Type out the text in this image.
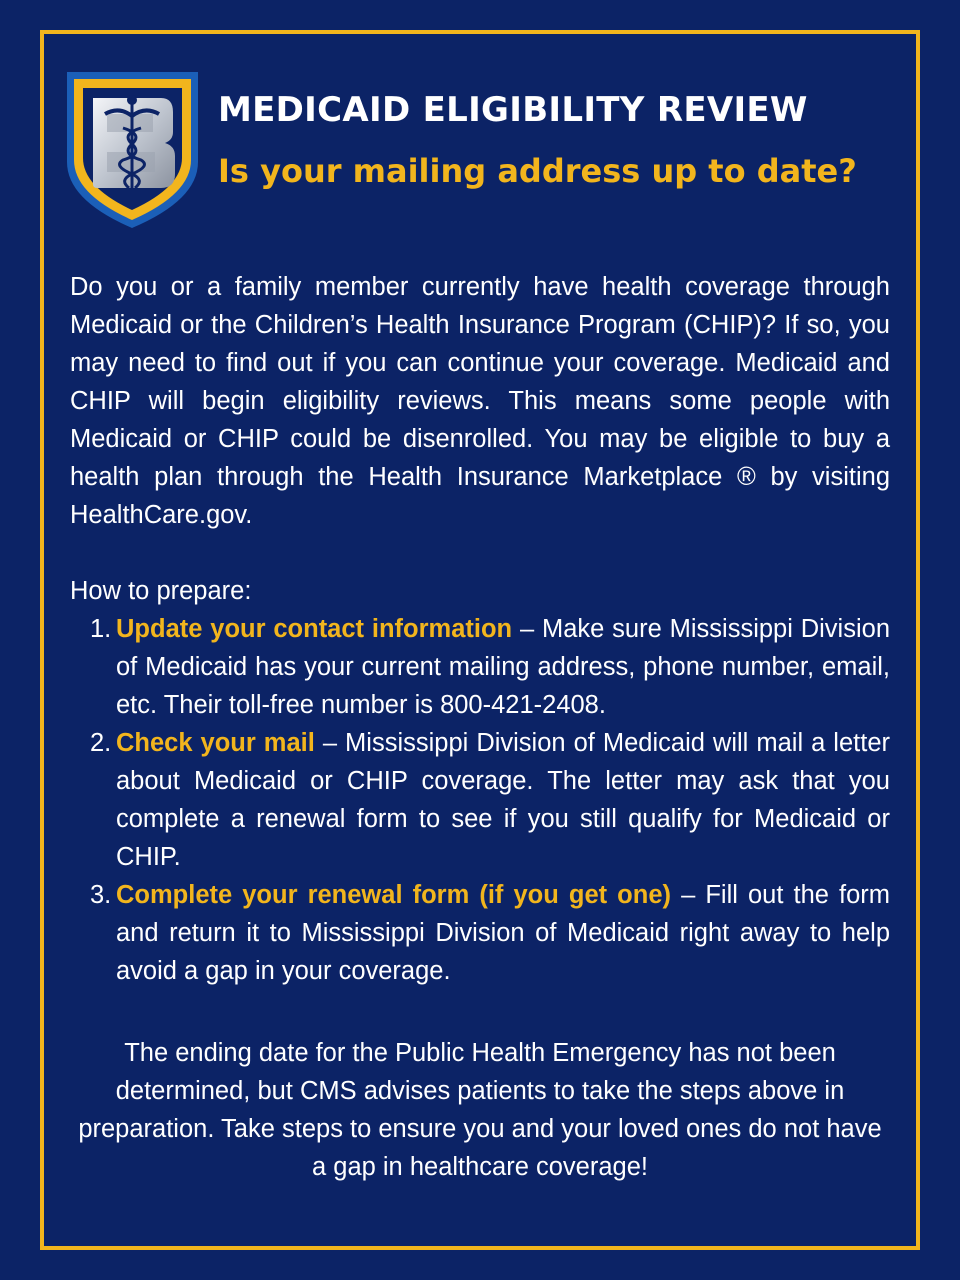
MEDICAID ELIGIBILITY REVIEW
Is your mailing address up to date?

Do you or a family member currently have health coverage through Medicaid or the Children’s Health Insurance Program (CHIP)? If so, you may need to find out if you can continue your coverage. Medicaid and CHIP will begin eligibility reviews. This means some people with Medicaid or CHIP could be disenrolled. You may be eligible to buy a health plan through the Health Insurance Marketplace ® by visiting HealthCare.gov.

How to prepare:

1. Update your contact information – Make sure Mississippi Division of Medicaid has your current mailing address, phone number, email, etc. Their toll-free number is 800-421-2408.
2. Check your mail – Mississippi Division of Medicaid will mail a letter about Medicaid or CHIP coverage. The letter may ask that you complete a renewal form to see if you still qualify for Medicaid or CHIP.
3. Complete your renewal form (if you get one) – Fill out the form and return it to Mississippi Division of Medicaid right away to help avoid a gap in your coverage.

The ending date for the Public Health Emergency has not been determined, but CMS advises patients to take the steps above in preparation. Take steps to ensure you and your loved ones do not have a gap in healthcare coverage!
